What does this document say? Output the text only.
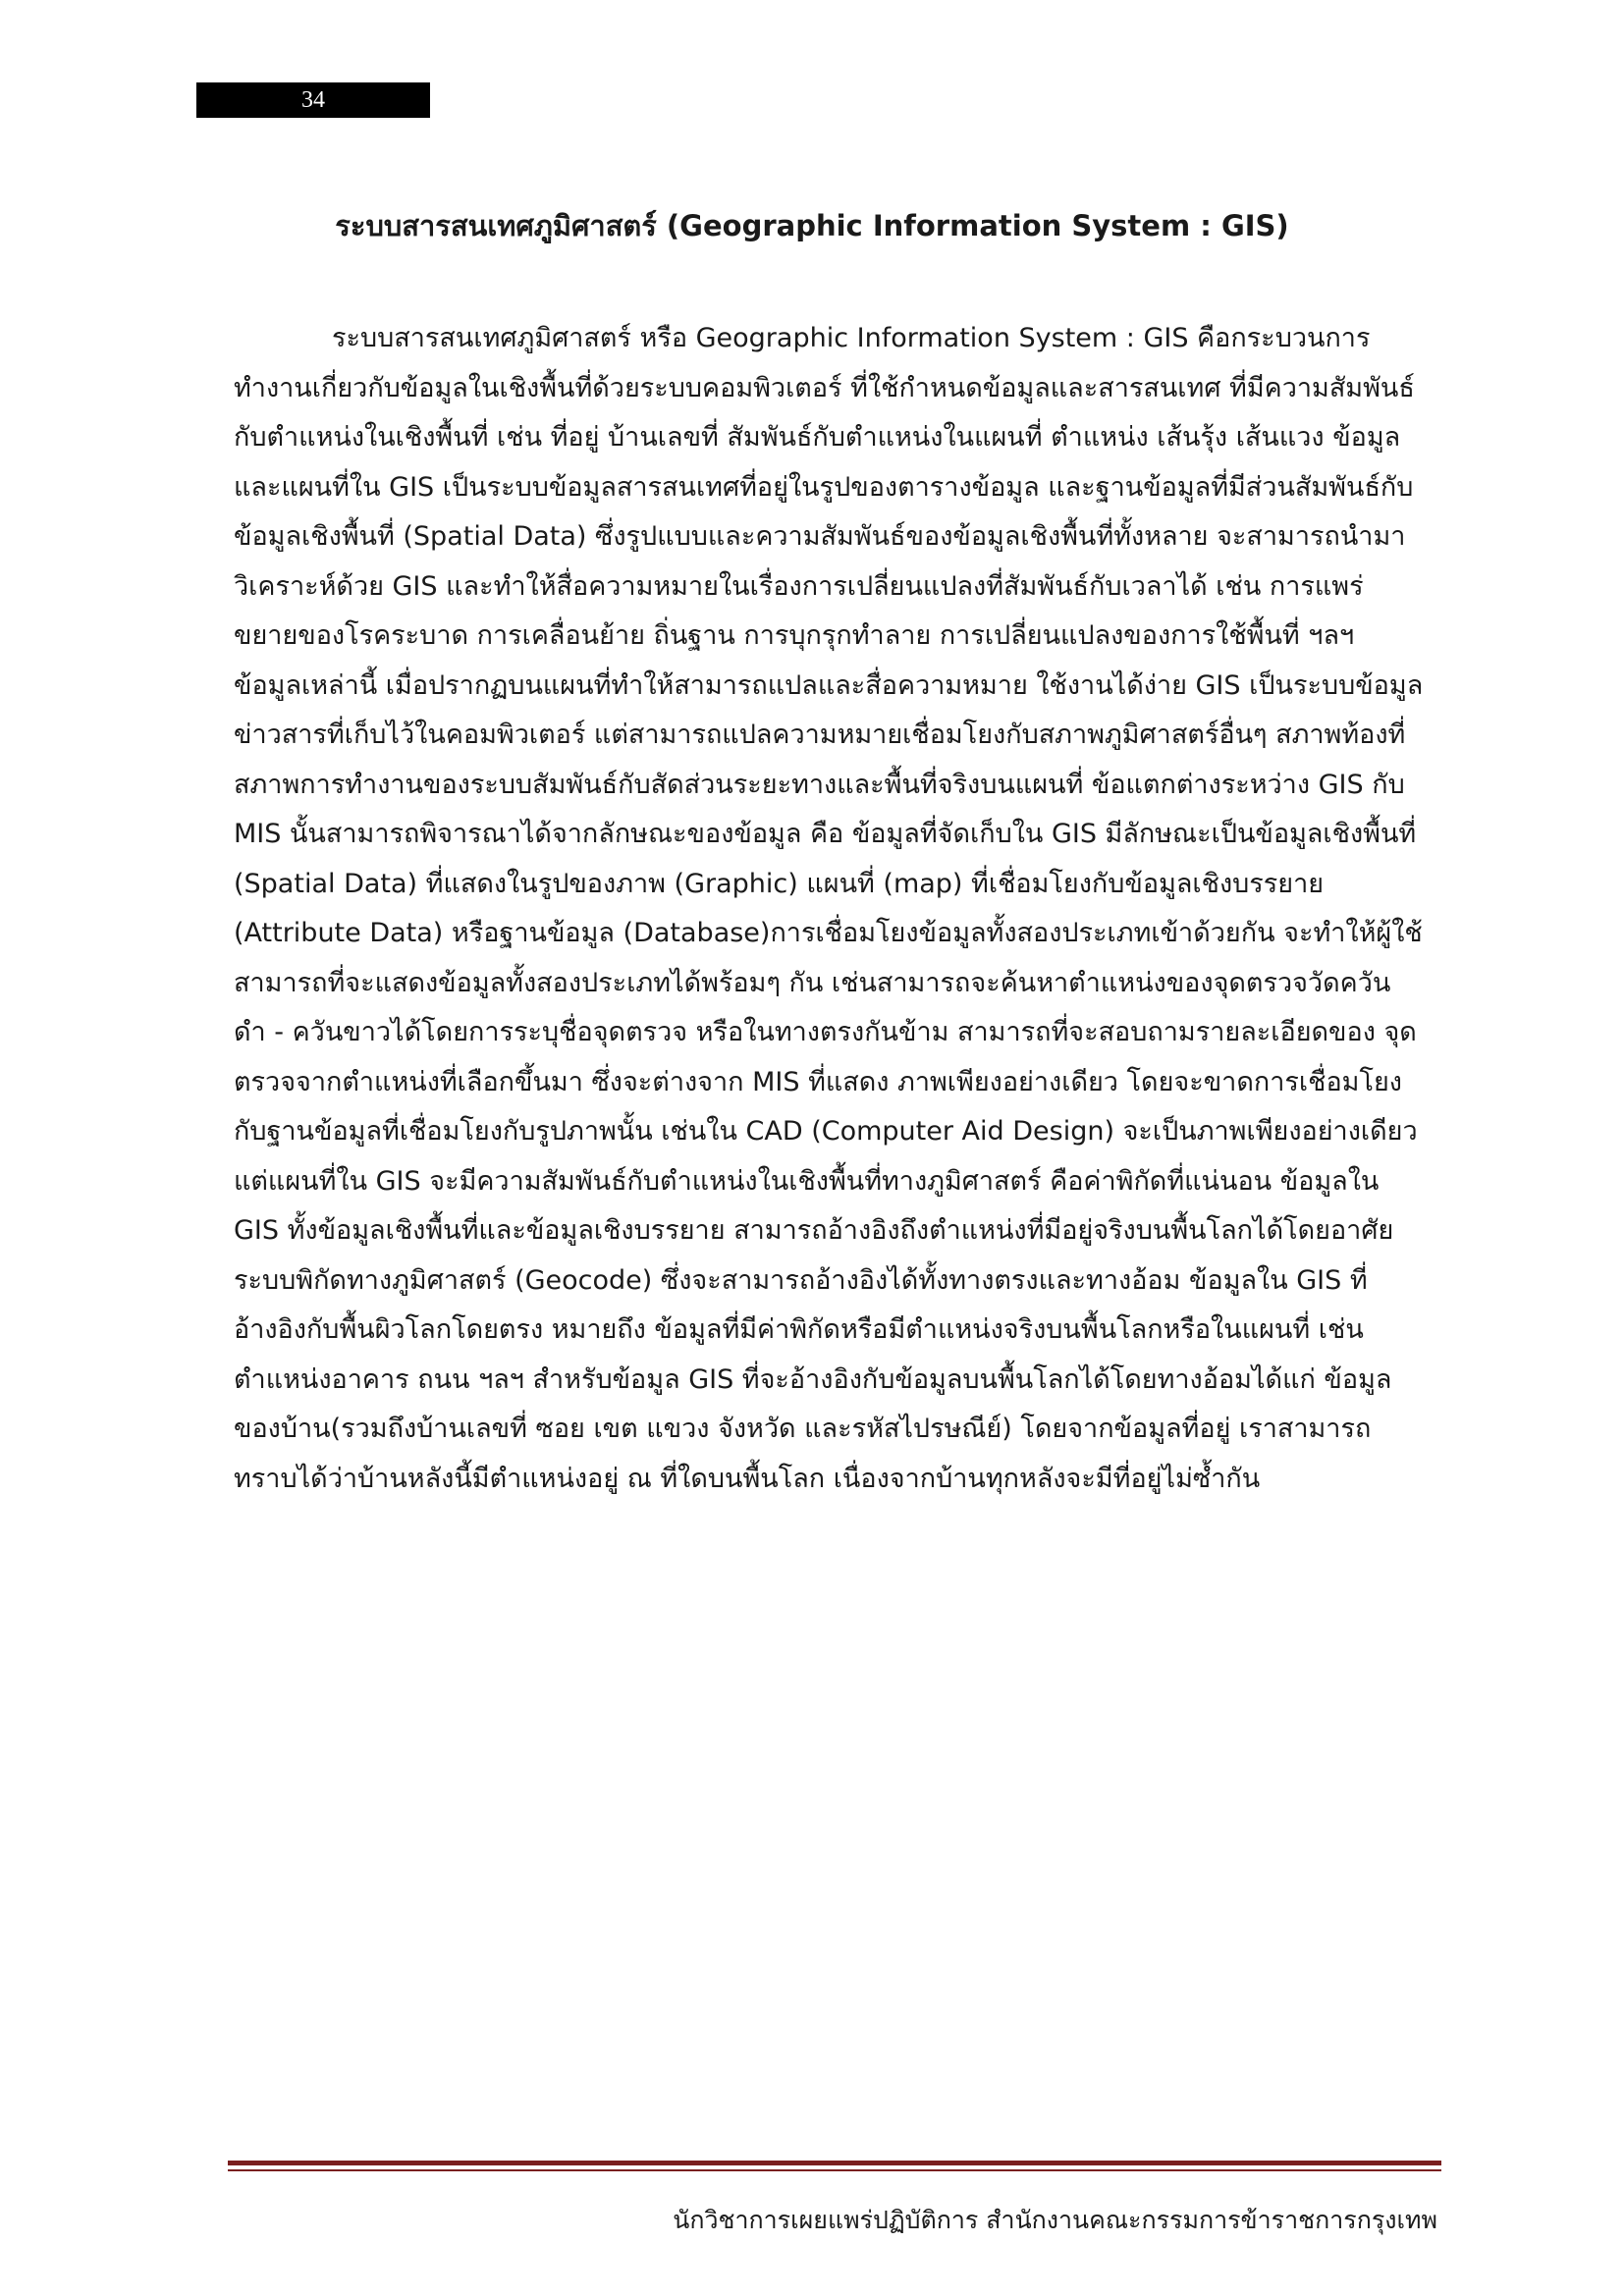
34
ระบบสารสนเทศภูมิศาสตร์ (Geographic Information System : GIS)
ระบบสารสนเทศภูมิศาสตร์ หรือ Geographic Information System : GIS คือกระบวนการ
ทำงานเกี่ยวกับข้อมูลในเชิงพื้นที่ด้วยระบบคอมพิวเตอร์ ที่ใช้กำหนดข้อมูลและสารสนเทศ ที่มีความสัมพันธ์
กับตำแหน่งในเชิงพื้นที่ เช่น ที่อยู่ บ้านเลขที่ สัมพันธ์กับตำแหน่งในแผนที่ ตำแหน่ง เส้นรุ้ง เส้นแวง ข้อมูล
และแผนที่ใน GIS เป็นระบบข้อมูลสารสนเทศที่อยู่ในรูปของตารางข้อมูล และฐานข้อมูลที่มีส่วนสัมพันธ์กับ
ข้อมูลเชิงพื้นที่ (Spatial Data) ซึ่งรูปแบบและความสัมพันธ์ของข้อมูลเชิงพื้นที่ทั้งหลาย จะสามารถนำมา
วิเคราะห์ด้วย GIS และทำให้สื่อความหมายในเรื่องการเปลี่ยนแปลงที่สัมพันธ์กับเวลาได้ เช่น การแพร่
ขยายของโรคระบาด การเคลื่อนย้าย ถิ่นฐาน การบุกรุกทำลาย การเปลี่ยนแปลงของการใช้พื้นที่ ฯลฯ
ข้อมูลเหล่านี้ เมื่อปรากฏบนแผนที่ทำให้สามารถแปลและสื่อความหมาย ใช้งานได้ง่าย GIS เป็นระบบข้อมูล
ข่าวสารที่เก็บไว้ในคอมพิวเตอร์ แต่สามารถแปลความหมายเชื่อมโยงกับสภาพภูมิศาสตร์อื่นๆ สภาพท้องที่
สภาพการทำงานของระบบสัมพันธ์กับสัดส่วนระยะทางและพื้นที่จริงบนแผนที่ ข้อแตกต่างระหว่าง GIS กับ
MIS นั้นสามารถพิจารณาได้จากลักษณะของข้อมูล คือ ข้อมูลที่จัดเก็บใน GIS มีลักษณะเป็นข้อมูลเชิงพื้นที่
(Spatial Data) ที่แสดงในรูปของภาพ (Graphic) แผนที่ (map) ที่เชื่อมโยงกับข้อมูลเชิงบรรยาย
(Attribute Data) หรือฐานข้อมูล (Database)การเชื่อมโยงข้อมูลทั้งสองประเภทเข้าด้วยกัน จะทำให้ผู้ใช้
สามารถที่จะแสดงข้อมูลทั้งสองประเภทได้พร้อมๆ กัน เช่นสามารถจะค้นหาตำแหน่งของจุดตรวจวัดควัน
ดำ - ควันขาวได้โดยการระบุชื่อจุดตรวจ หรือในทางตรงกันข้าม สามารถที่จะสอบถามรายละเอียดของ จุด
ตรวจจากตำแหน่งที่เลือกขึ้นมา ซึ่งจะต่างจาก MIS ที่แสดง ภาพเพียงอย่างเดียว โดยจะขาดการเชื่อมโยง
กับฐานข้อมูลที่เชื่อมโยงกับรูปภาพนั้น เช่นใน CAD (Computer Aid Design) จะเป็นภาพเพียงอย่างเดียว
แต่แผนที่ใน GIS จะมีความสัมพันธ์กับตำแหน่งในเชิงพื้นที่ทางภูมิศาสตร์ คือค่าพิกัดที่แน่นอน ข้อมูลใน
GIS ทั้งข้อมูลเชิงพื้นที่และข้อมูลเชิงบรรยาย สามารถอ้างอิงถึงตำแหน่งที่มีอยู่จริงบนพื้นโลกได้โดยอาศัย
ระบบพิกัดทางภูมิศาสตร์ (Geocode) ซึ่งจะสามารถอ้างอิงได้ทั้งทางตรงและทางอ้อม ข้อมูลใน GIS ที่
อ้างอิงกับพื้นผิวโลกโดยตรง หมายถึง ข้อมูลที่มีค่าพิกัดหรือมีตำแหน่งจริงบนพื้นโลกหรือในแผนที่ เช่น
ตำแหน่งอาคาร ถนน ฯลฯ สำหรับข้อมูล GIS ที่จะอ้างอิงกับข้อมูลบนพื้นโลกได้โดยทางอ้อมได้แก่ ข้อมูล
ของบ้าน(รวมถึงบ้านเลขที่ ซอย เขต แขวง จังหวัด และรหัสไปรษณีย์) โดยจากข้อมูลที่อยู่ เราสามารถ
ทราบได้ว่าบ้านหลังนี้มีตำแหน่งอยู่ ณ ที่ใดบนพื้นโลก เนื่องจากบ้านทุกหลังจะมีที่อยู่ไม่ซ้ำกัน
นักวิชาการเผยแพร่ปฏิบัติการ สำนักงานคณะกรรมการข้าราชการกรุงเทพ
